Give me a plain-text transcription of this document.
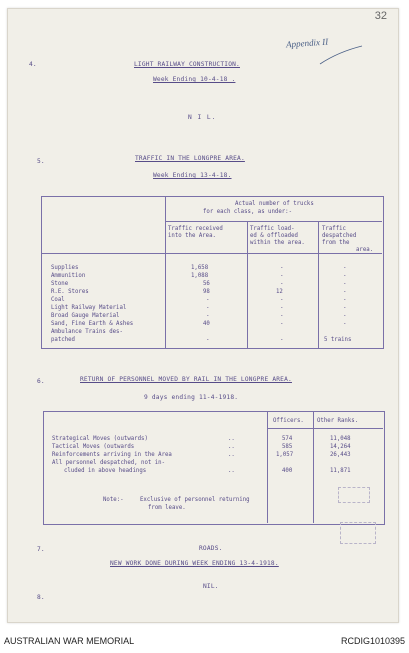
32
Appendix II
4.	LIGHT RAILWAY CONSTRUCTION.
Week Ending 10-4-18 .
N I L.
5.	TRAFFIC IN THE LONGPRE AREA.
Week Ending 13-4-18.
Actual number of trucks
for each class, as under:-
Traffic received
into the Area.
Traffic load-
ed & offloaded
within the area.
Traffic
despatched
from the
area.
Supplies	1,658	-	-
Ammunition	1,088	-	-
Stone	56	-	-
R.E. Stores	98	12	-
Coal	-	-	-
Light Railway Material	-	-	-
Broad Gauge Material	-	-	-
Sand, Fine Earth & Ashes	40	-	-
Ambulance Trains des-
patched	-	-	5 trains
6.	RETURN OF PERSONNEL MOVED BY RAIL IN THE LONGPRE AREA.
9 days ending 11-4-1918.
Officers. Other Ranks.
Strategical Moves (outwards)	..	574	11,048
Tactical Moves (outwards	..	585	14,264
Reinforcements arriving in the Area	..	1,057	26,443
All personnel despatched, not in-
cluded in above headings	..	400	11,871
Note:-	Exclusive of personnel returning
from leave.
7.	ROADS.
NEW WORK DONE DURING WEEK ENDING 13-4-1918.
NIL.
8.
AUSTRALIAN WAR MEMORIAL	RCDIG1010395
